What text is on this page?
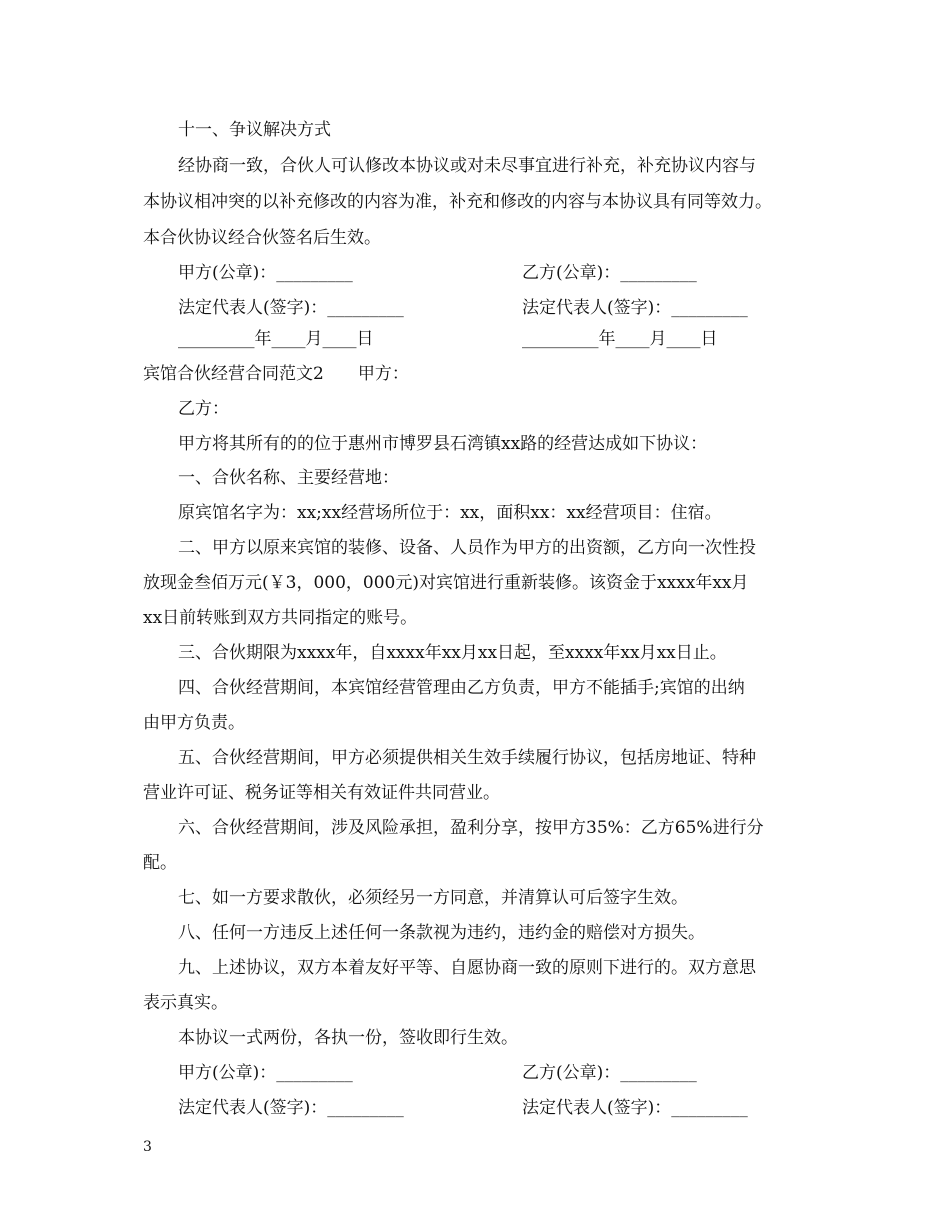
十一、争议解决方式
经协商一致，合伙人可认修改本协议或对未尽事宜进行补充，补充协议内容与
本协议相冲突的以补充修改的内容为准，补充和修改的内容与本协议具有同等效力。
本合伙协议经合伙签名后生效。
甲方(公章)：_________	乙方(公章)：_________
法定代表人(签字)：_________	法定代表人(签字)：_________
_________年____月____日	_________年____月____日
宾馆合伙经营合同范文2　　甲方：
乙方：
甲方将其所有的的位于惠州市博罗县石湾镇xx路的经营达成如下协议：
一、合伙名称、主要经营地：
原宾馆名字为：xx;xx经营场所位于：xx，面积xx：xx经营项目：住宿。
二、甲方以原来宾馆的装修、设备、人员作为甲方的出资额，乙方向一次性投
放现金叁佰万元(￥3，000，000元)对宾馆进行重新装修。该资金于xxxx年xx月
xx日前转账到双方共同指定的账号。
三、合伙期限为xxxx年，自xxxx年xx月xx日起，至xxxx年xx月xx日止。
四、合伙经营期间，本宾馆经营管理由乙方负责，甲方不能插手;宾馆的出纳
由甲方负责。
五、合伙经营期间，甲方必须提供相关生效手续履行协议，包括房地证、特种
营业许可证、税务证等相关有效证件共同营业。
六、合伙经营期间，涉及风险承担，盈利分享，按甲方35%：乙方65%进行分
配。
七、如一方要求散伙，必须经另一方同意，并清算认可后签字生效。
八、任何一方违反上述任何一条款视为违约，违约金的赔偿对方损失。
九、上述协议，双方本着友好平等、自愿协商一致的原则下进行的。双方意思
表示真实。
本协议一式两份，各执一份，签收即行生效。
甲方(公章)：_________	乙方(公章)：_________
法定代表人(签字)：_________	法定代表人(签字)：_________
3
